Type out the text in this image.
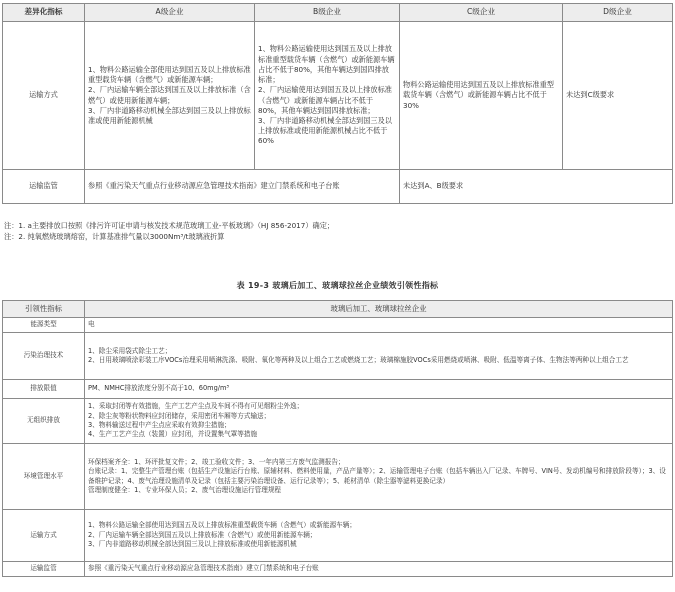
差异化指标	A级企业	B级企业	C级企业	D级企业
运输方式	1、物料公路运输全部使用达到国五及以上排放标准重型载货车辆（含燃气）或新能源车辆；
2、厂内运输车辆全部达到国五及以上排放标准（含燃气）或使用新能源车辆；
3、厂内非道路移动机械全部达到国三及以上排放标准或使用新能源机械	1、物料公路运输使用达到国五及以上排放标准重型载货车辆（含燃气）或新能源车辆占比不低于80%，其他车辆达到国四排放标准；
2、厂内运输使用达到国五及以上排放标准（含燃气）或新能源车辆占比不低于80%，其他车辆达到国四排放标准；
3、厂内非道路移动机械全部达到国三及以上排放标准或使用新能源机械占比不低于60%	物料公路运输使用达到国五及以上排放标准重型载货车辆（含燃气）或新能源车辆占比不低于30%	未达到C级要求
运输监管	参照《重污染天气重点行业移动源应急管理技术指南》建立门禁系统和电子台账		未达到A、B级要求	
注：1. a主要排放口按照《排污许可证申请与核发技术规范玻璃工业-平板玻璃》（HJ 856-2017）确定；
注：2. 纯氧燃烧玻璃熔窑，计算基准排气量以3000Nm³/t玻璃液折算
表 19-3 玻璃后加工、玻璃球拉丝企业绩效引领性指标
引领性指标	玻璃后加工、玻璃球拉丝企业
能源类型	电

污染治理技术	1、除尘采用袋式除尘工艺；
2、日用玻璃喷涂彩装工序VOCs治理采用喷淋洗涤、吸附、氧化等两种及以上组合工艺或燃烧工艺；玻璃棉施胶VOCs采用燃烧或喷淋、吸附、低温等离子体、生物法等两种以上组合工艺

排放限值	PM、NMHC排放浓度分别不高于10、60mg/m³

无组织排放	1、采取封闭等有效措施，生产工艺产尘点及车间不得有可见烟粉尘外逸；
2、除尘灰等粉状物料应封闭储存，采用密闭车厢等方式输送；
3、物料输送过程中产尘点应采取有效抑尘措施；
4、生产工艺产尘点（装置）应封闭，并设置集气罩等措施

环境管理水平	环保档案齐全：1、环评批复文件；2、竣工验收文件；3、一年内第三方废气监测报告；
台账记录：1、完整生产管理台账（包括生产设施运行台账、原辅材料、燃料使用量，产品产量等）；2、运输管理电子台账（包括车辆出入厂记录、车牌号、VIN号、发动机编号和排放阶段等）；3、设备维护记录；4、废气治理设施清单及记录（包括主要污染治理设备、运行记录等）；5、耗材清单（除尘器等滤料更换记录）
管理制度健全：1、专业环保人员；2、废气治理设施运行管理规程

运输方式	1、物料公路运输全部使用达到国五及以上排放标准重型载货车辆（含燃气）或新能源车辆；
2、厂内运输车辆全部达到国五及以上排放标准（含燃气）或使用新能源车辆；
3、厂内非道路移动机械全部达到国三及以上排放标准或使用新能源机械

运输监管	参照《重污染天气重点行业移动源应急管理技术指南》建立门禁系统和电子台账
